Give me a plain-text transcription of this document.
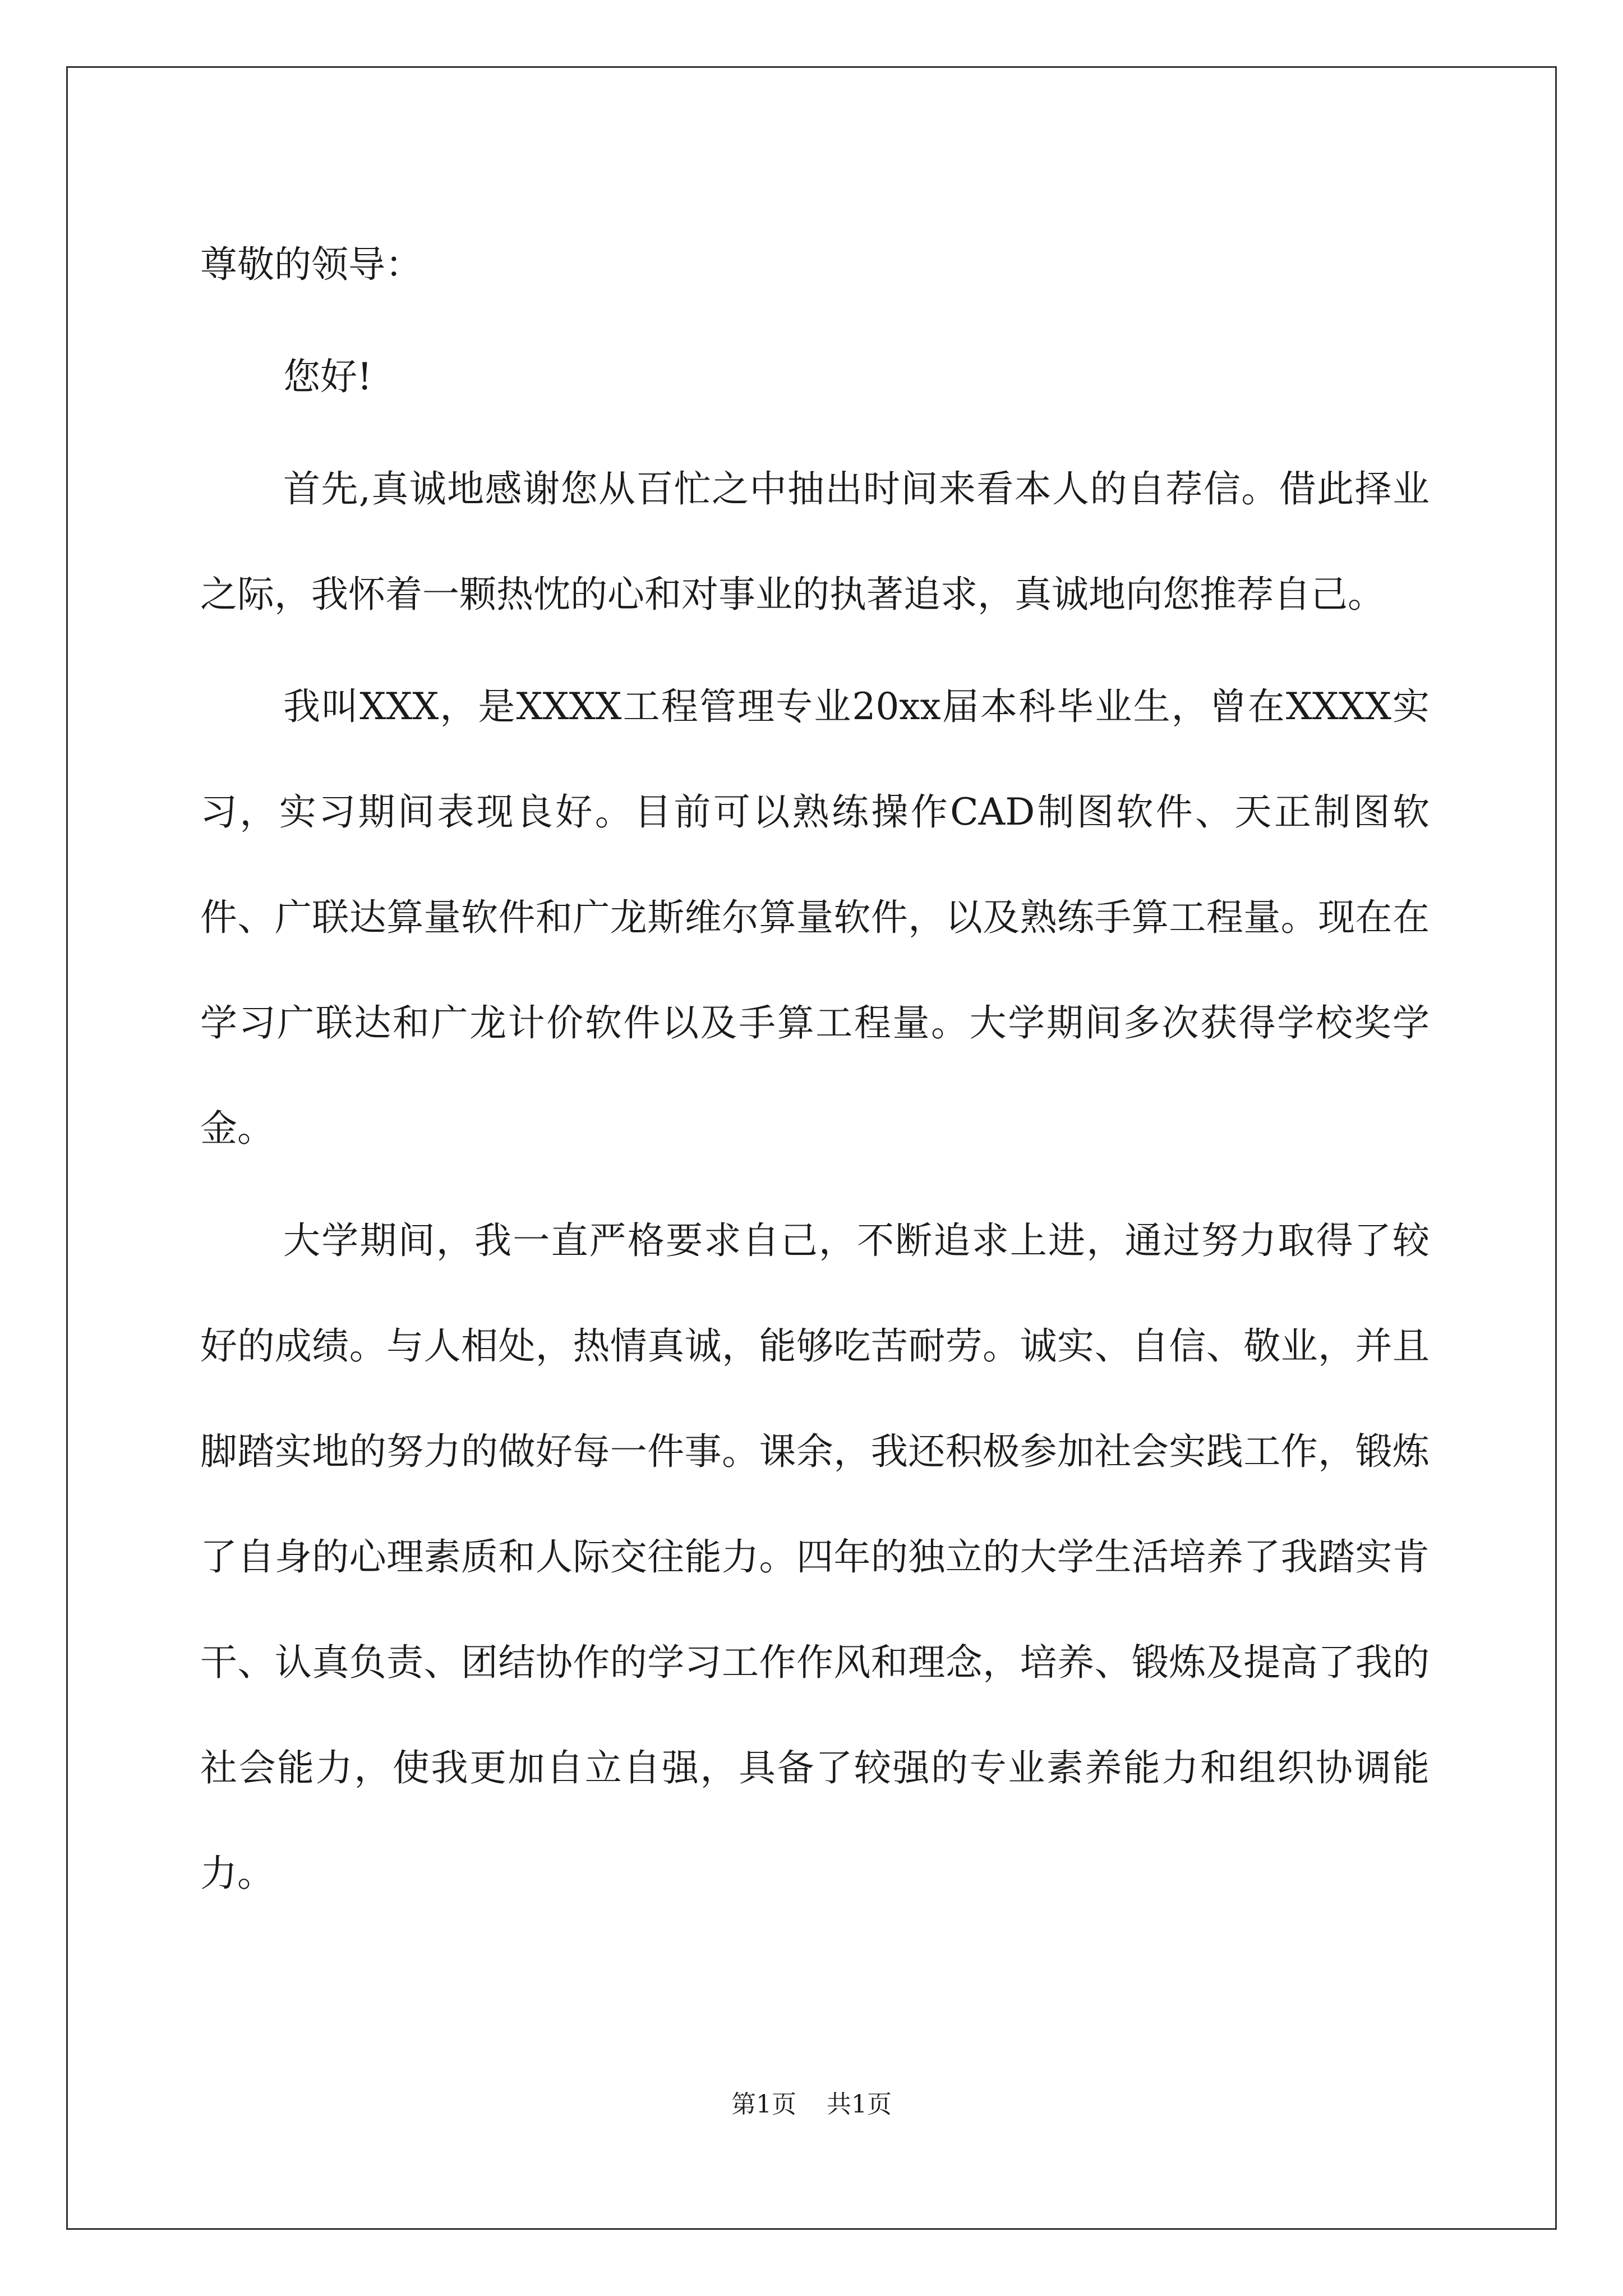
尊敬的领导：

您好!

首先,真诚地感谢您从百忙之中抽出时间来看本人的自荐信。借此择业之际，我怀着一颗热忱的心和对事业的执著追求，真诚地向您推荐自己。

我叫XXX，是XXXX工程管理专业20xx届本科毕业生，曾在XXXX实习，实习期间表现良好。目前可以熟练操作CAD制图软件、天正制图软件、广联达算量软件和广龙斯维尔算量软件，以及熟练手算工程量。现在在学习广联达和广龙计价软件以及手算工程量。大学期间多次获得学校奖学金。

大学期间，我一直严格要求自己，不断追求上进，通过努力取得了较好的成绩。与人相处，热情真诚，能够吃苦耐劳。诚实、自信、敬业，并且脚踏实地的努力的做好每一件事。课余，我还积极参加社会实践工作，锻炼了自身的心理素质和人际交往能力。四年的独立的大学生活培养了我踏实肯干、认真负责、团结协作的学习工作作风和理念，培养、锻炼及提高了我的社会能力，使我更加自立自强，具备了较强的专业素养能力和组织协调能力。

第1页 共1页
